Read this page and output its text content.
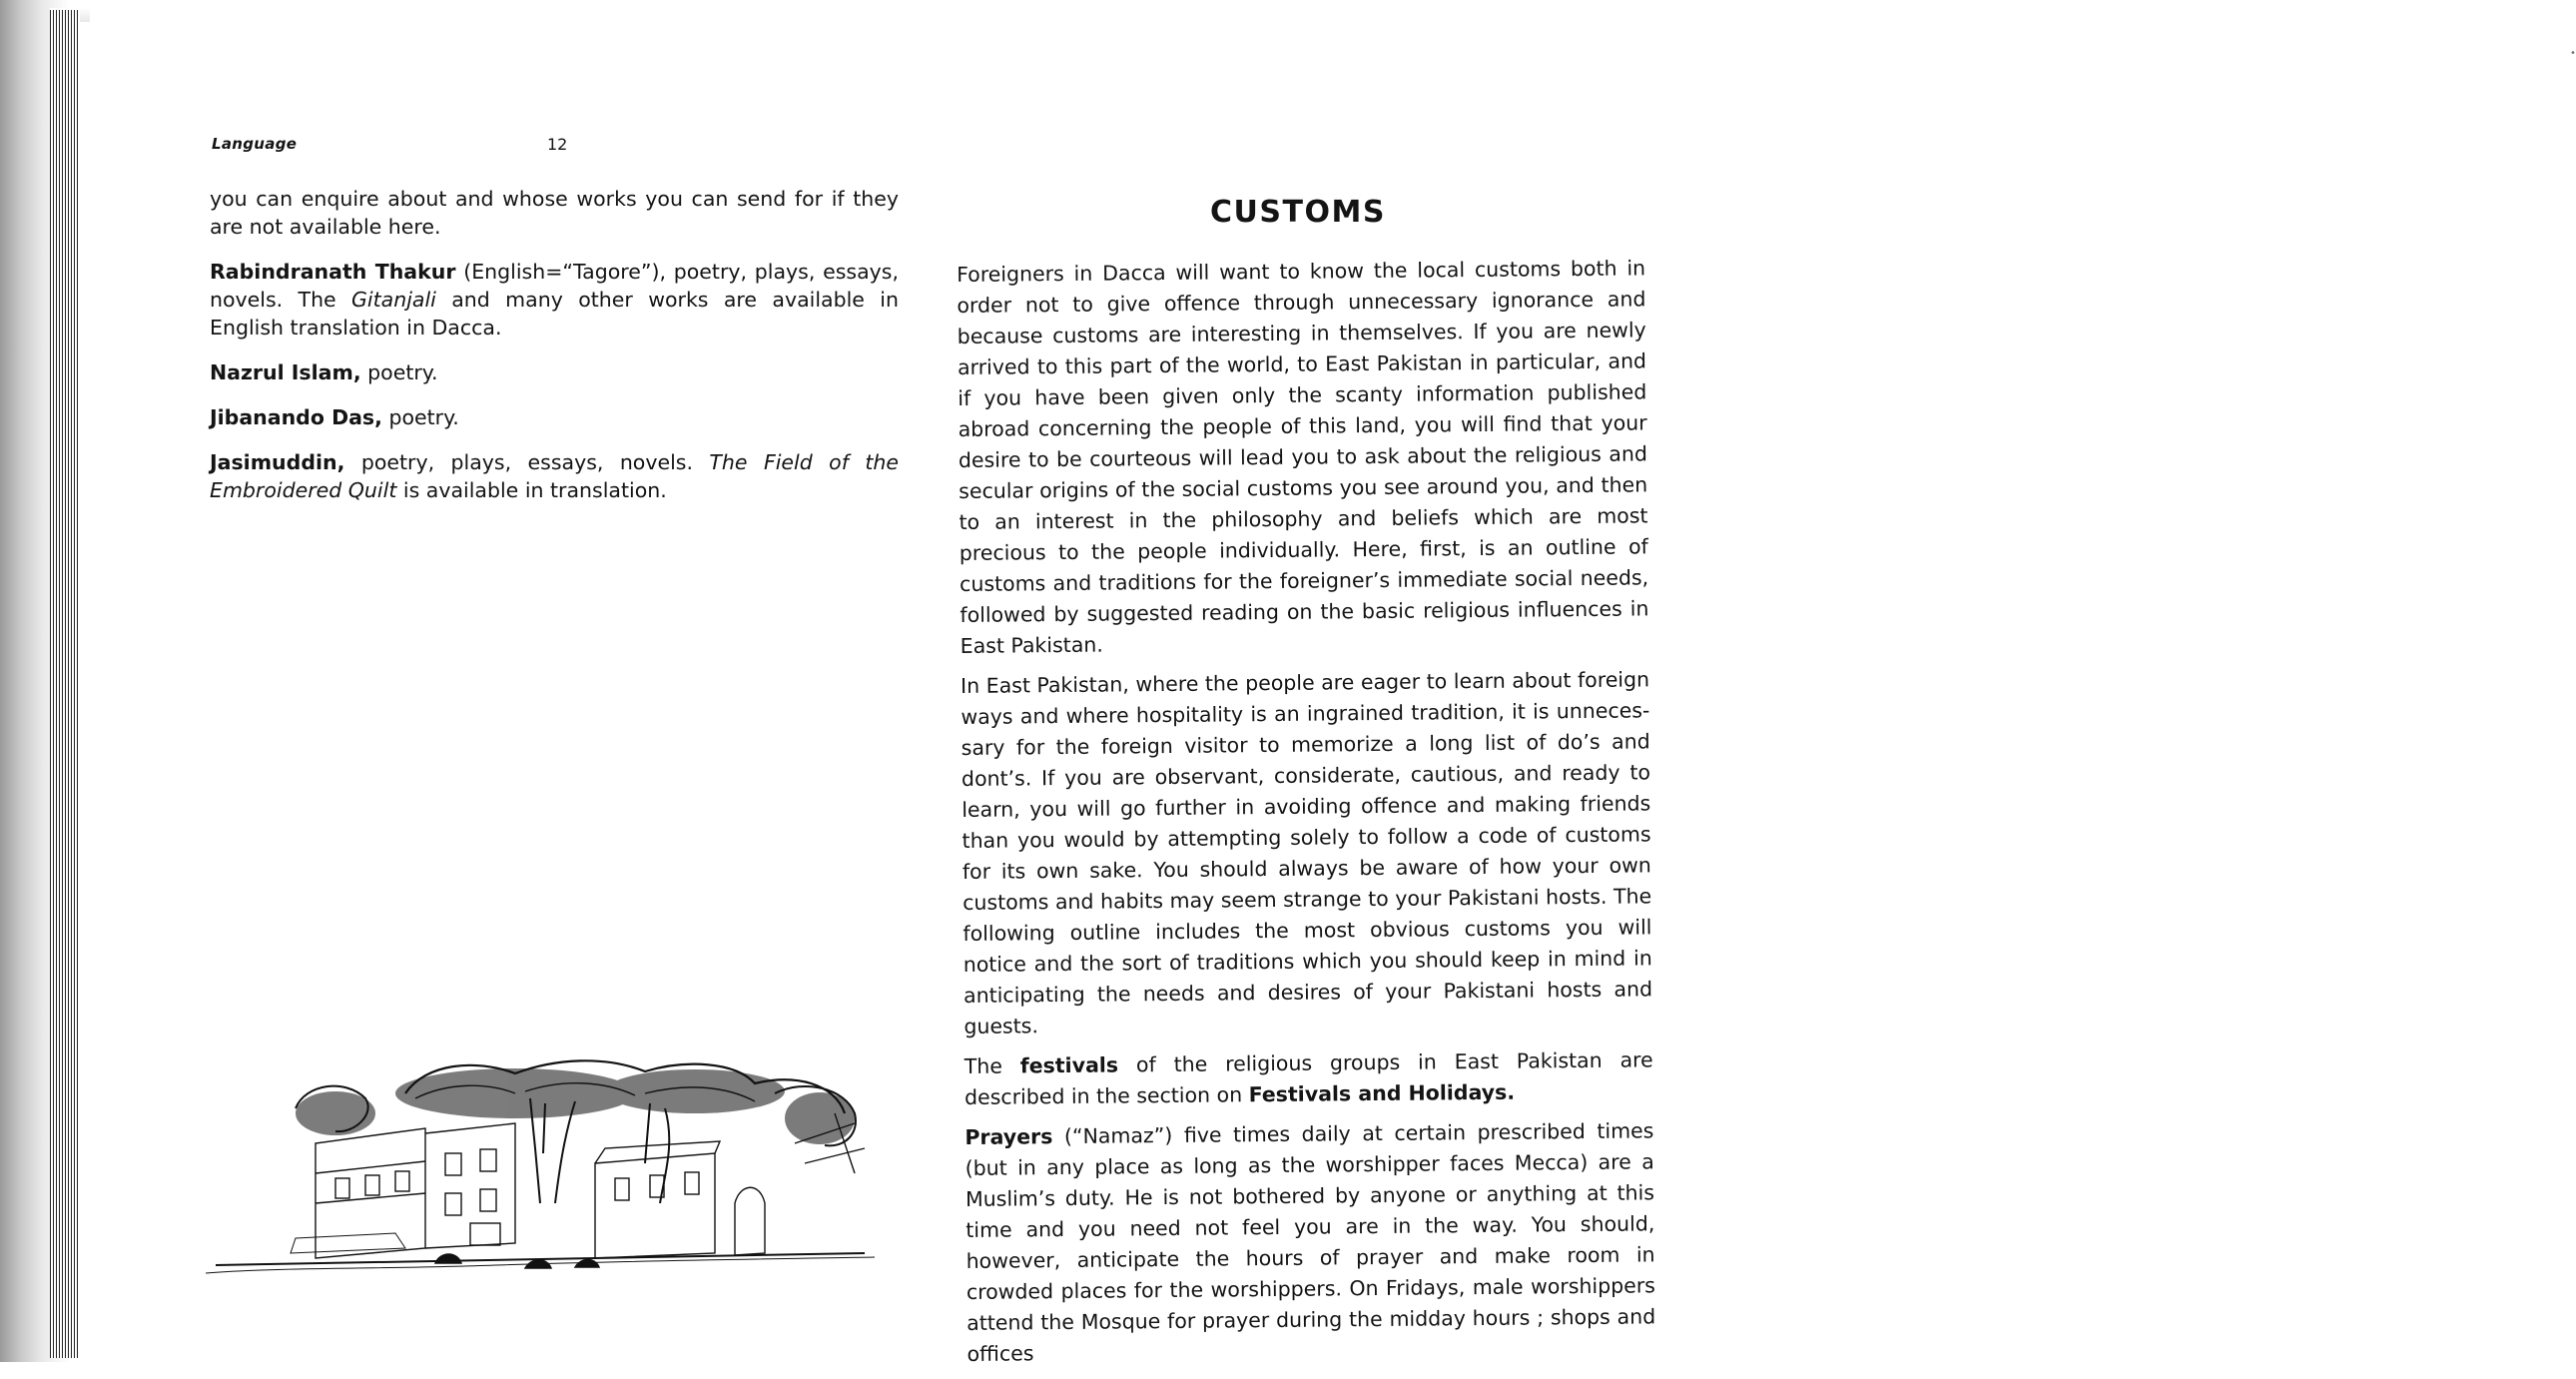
Language	12

you can enquire about and whose works you can send for if they are not available here.

Rabindranath Thakur (English=“Tagore”), poetry, plays, essays, novels. The Gitanjali and many other works are available in English translation in Dacca.

Nazrul Islam, poetry.

Jibanando Das, poetry.

Jasimuddin, poetry, plays, essays, novels. The Field of the Embroidered Quilt is available in translation.

•
CUSTOMS

Foreigners in Dacca will want to know the local customs both in order not to give offence through unnecessary ignorance and because customs are interesting in themselves. If you are newly arrived to this part of the world, to East Pakistan in particular, and if you have been given only the scanty information published abroad concerning the people of this land, you will find that your desire to be courteous will lead you to ask about the religious and secular origins of the social customs you see around you, and then to an interest in the philosophy and beliefs which are most precious to the people individually. Here, first, is an outline of customs and traditions for the foreigner’s immediate social needs, followed by suggested reading on the basic religious influences in East Pakistan.

In East Pakistan, where the people are eager to learn about foreign ways and where hospitality is an ingrained tradition, it is unneces-sary for the foreign visitor to memorize a long list of do’s and dont’s. If you are observant, considerate, cautious, and ready to learn, you will go further in avoiding offence and making friends than you would by attempting solely to follow a code of customs for its own sake. You should always be aware of how your own customs and habits may seem strange to your Pakistani hosts. The following outline includes the most obvious customs you will notice and the sort of traditions which you should keep in mind in anticipating the needs and desires of your Pakistani hosts and guests.

The festivals of the religious groups in East Pakistan are described in the section on Festivals and Holidays.

Prayers (“Namaz”) five times daily at certain prescribed times (but in any place as long as the worshipper faces Mecca) are a Muslim’s duty. He is not bothered by anyone or anything at this time and you need not feel you are in the way. You should, however, anticipate the hours of prayer and make room in crowded places for the worshippers. On Fridays, male worshippers attend the Mosque for prayer during the midday hours ; shops and offices
